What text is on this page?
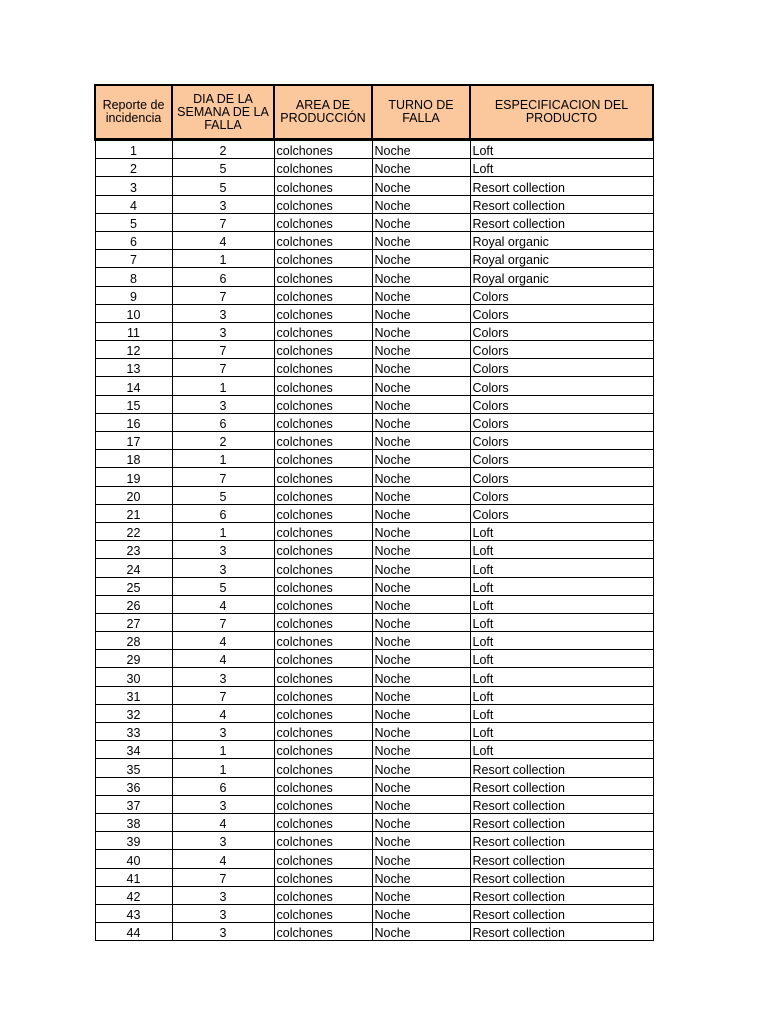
Reporte de incidencia	DIA DE LA SEMANA DE LA FALLA	AREA DE PRODUCCIÓN	TURNO DE FALLA	ESPECIFICACION DEL PRODUCTO
1	2	colchones	Noche	Loft
2	5	colchones	Noche	Loft
3	5	colchones	Noche	Resort collection
4	3	colchones	Noche	Resort collection
5	7	colchones	Noche	Resort collection
6	4	colchones	Noche	Royal organic
7	1	colchones	Noche	Royal organic
8	6	colchones	Noche	Royal organic
9	7	colchones	Noche	Colors
10	3	colchones	Noche	Colors
11	3	colchones	Noche	Colors
12	7	colchones	Noche	Colors
13	7	colchones	Noche	Colors
14	1	colchones	Noche	Colors
15	3	colchones	Noche	Colors
16	6	colchones	Noche	Colors
17	2	colchones	Noche	Colors
18	1	colchones	Noche	Colors
19	7	colchones	Noche	Colors
20	5	colchones	Noche	Colors
21	6	colchones	Noche	Colors
22	1	colchones	Noche	Loft
23	3	colchones	Noche	Loft
24	3	colchones	Noche	Loft
25	5	colchones	Noche	Loft
26	4	colchones	Noche	Loft
27	7	colchones	Noche	Loft
28	4	colchones	Noche	Loft
29	4	colchones	Noche	Loft
30	3	colchones	Noche	Loft
31	7	colchones	Noche	Loft
32	4	colchones	Noche	Loft
33	3	colchones	Noche	Loft
34	1	colchones	Noche	Loft
35	1	colchones	Noche	Resort collection
36	6	colchones	Noche	Resort collection
37	3	colchones	Noche	Resort collection
38	4	colchones	Noche	Resort collection
39	3	colchones	Noche	Resort collection
40	4	colchones	Noche	Resort collection
41	7	colchones	Noche	Resort collection
42	3	colchones	Noche	Resort collection
43	3	colchones	Noche	Resort collection
44	3	colchones	Noche	Resort collection
